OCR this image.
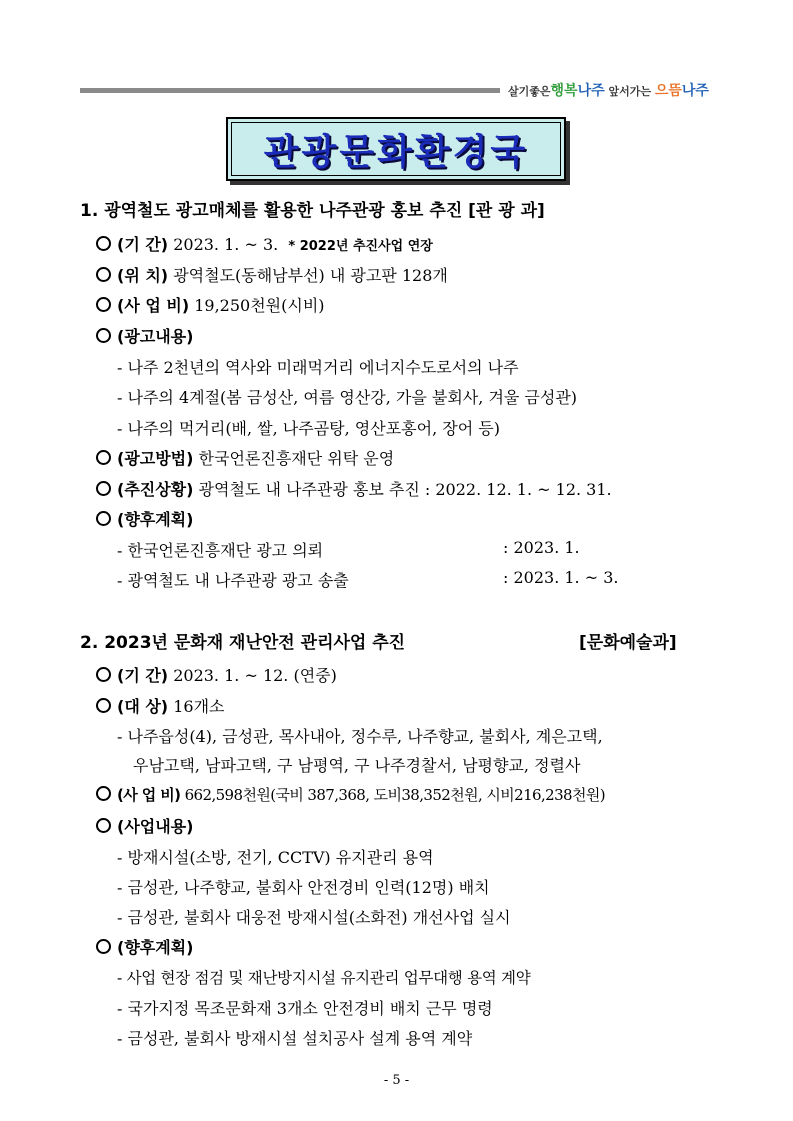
살기좋은행복나주 앞서가는 으뜸나주
관광문화환경국
1. 광역철도 광고매체를 활용한 나주관광 홍보 추진 [관 광 과]
(기 간) 2023. 1. ~ 3. * 2022년 추진사업 연장
(위 치) 광역철도(동해남부선) 내 광고판 128개
(사 업 비) 19,250천원(시비)
(광고내용)
- 나주 2천년의 역사와 미래먹거리 에너지수도로서의 나주
- 나주의 4계절(봄 금성산, 여름 영산강, 가을 불회사, 겨울 금성관)
- 나주의 먹거리(배, 쌀, 나주곰탕, 영산포홍어, 장어 등)
(광고방법) 한국언론진흥재단 위탁 운영
(추진상황) 광역철도 내 나주관광 홍보 추진 : 2022. 12. 1. ~ 12. 31.
(향후계획)
- 한국언론진흥재단 광고 의뢰	: 2023. 1.
- 광역철도 내 나주관광 광고 송출	: 2023. 1. ~ 3.
2. 2023년 문화재 재난안전 관리사업 추진	[문화예술과]
(기 간) 2023. 1. ~ 12. (연중)
(대 상) 16개소
- 나주읍성(4), 금성관, 목사내아, 정수루, 나주향교, 불회사, 계은고택,
우남고택, 남파고택, 구 남평역, 구 나주경찰서, 남평향교, 정렬사
(사 업 비) 662,598천원(국비 387,368, 도비38,352천원, 시비216,238천원)
(사업내용)
- 방재시설(소방, 전기, CCTV) 유지관리 용역
- 금성관, 나주향교, 불회사 안전경비 인력(12명) 배치
- 금성관, 불회사 대웅전 방재시설(소화전) 개선사업 실시
(향후계획)
- 사업 현장 점검 및 재난방지시설 유지관리 업무대행 용역 계약
- 국가지정 목조문화재 3개소 안전경비 배치 근무 명령
- 금성관, 불회사 방재시설 설치공사 설계 용역 계약
- 5 -
